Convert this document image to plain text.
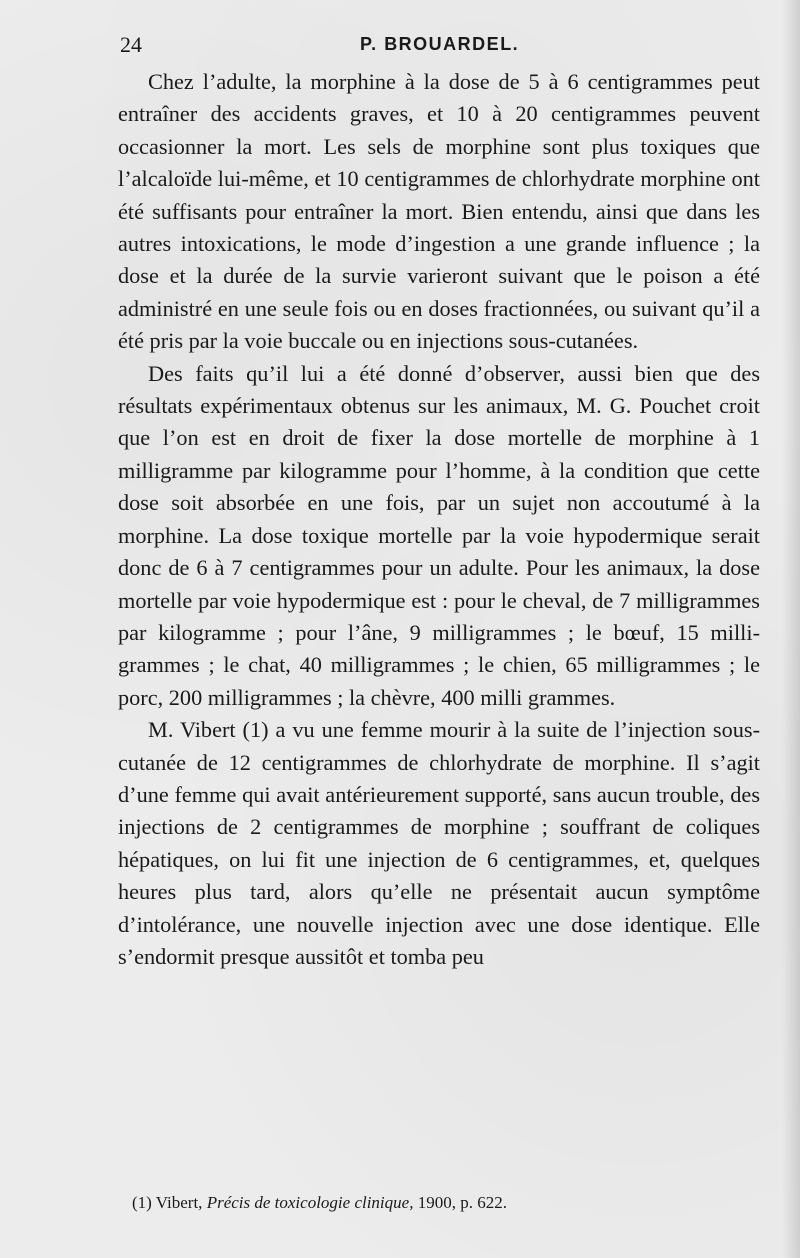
24	P. BROUARDEL.

Chez l’adulte, la morphine à la dose de 5 à 6 centigrammes peut entraîner des accidents graves, et 10 à 20 centigrammes peuvent occasionner la mort. Les sels de morphine sont plus toxiques que l’alcaloïde lui-même, et 10 centigrammes de chlorhydrate morphine ont été suffisants pour entraîner la mort. Bien entendu, ainsi que dans les autres intoxications, le mode d’ingestion a une grande influence ; la dose et la durée de la survie varieront suivant que le poison a été administré en une seule fois ou en doses fractionnées, ou suivant qu’il a été pris par la voie buccale ou en injections sous-cutanées.

Des faits qu’il lui a été donné d’observer, aussi bien que des résultats expérimentaux obtenus sur les animaux, M. G. Pouchet croit que l’on est en droit de fixer la dose mortelle de morphine à 1 milligramme par kilogramme pour l’homme, à la condition que cette dose soit absorbée en une fois, par un sujet non accoutumé à la morphine. La dose toxique mortelle par la voie hypodermique serait donc de 6 à 7 centigrammes pour un adulte. Pour les animaux, la dose mortelle par voie hypodermique est : pour le cheval, de 7 milligrammes par kilogramme ; pour l’âne, 9 milligrammes ; le bœuf, 15 milligrammes ; le chat, 40 milligrammes ; le chien, 65 milligrammes ; le porc, 200 milligrammes ; la chèvre, 400 milli grammes.

M. Vibert (1) a vu une femme mourir à la suite de l’injection sous-cutanée de 12 centigrammes de chlorhydrate de morphine. Il s’agit d’une femme qui avait antérieurement supporté, sans aucun trouble, des injections de 2 centigrammes de morphine ; souffrant de coliques hépatiques, on lui fit une injection de 6 centigrammes, et, quelques heures plus tard, alors qu’elle ne présentait aucun symptôme d’intolérance, une nouvelle injection avec une dose identique. Elle s’endormit presque aussitôt et tomba peu

(1) Vibert, Précis de toxicologie clinique, 1900, p. 622.
